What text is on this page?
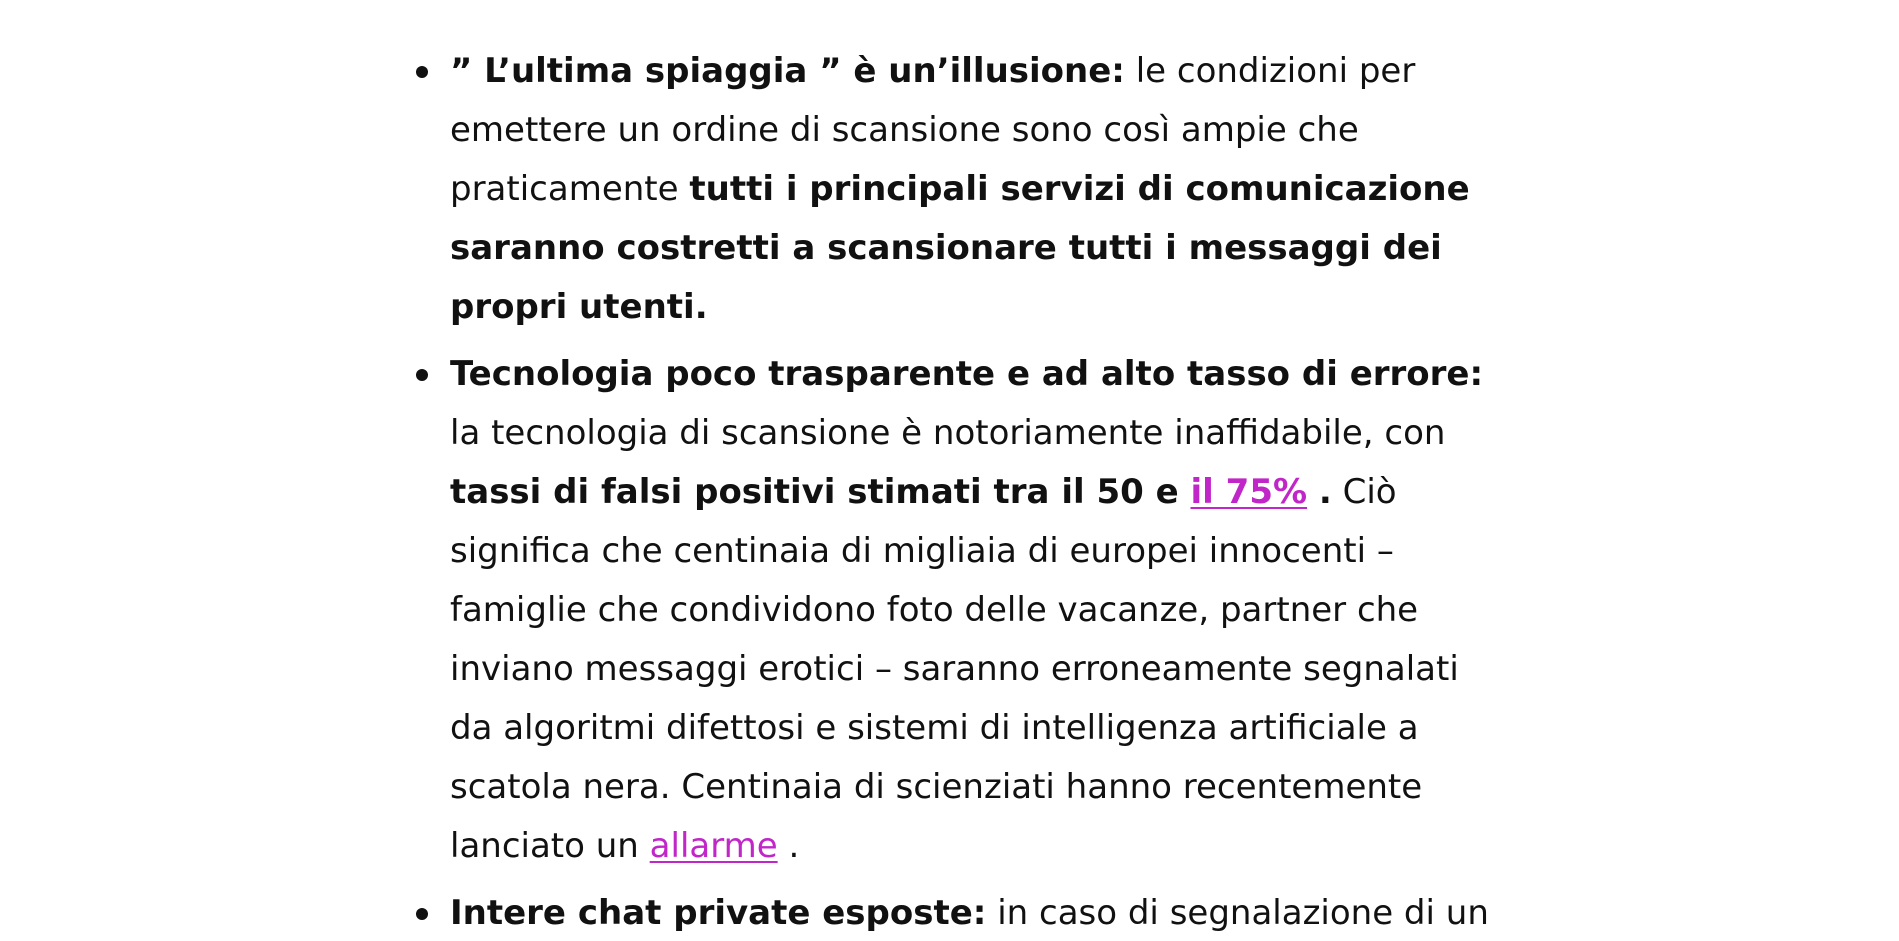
” L’ultima spiaggia ” è un’illusione: le condizioni per emettere un ordine di scansione sono così ampie che praticamente tutti i principali servizi di comunicazione saranno costretti a scansionare tutti i messaggi dei propri utenti.
Tecnologia poco trasparente e ad alto tasso di errore: la tecnologia di scansione è notoriamente inaffidabile, con tassi di falsi positivi stimati tra il 50 e il 75% . Ciò significa che centinaia di migliaia di europei innocenti – famiglie che condividono foto delle vacanze, partner che inviano messaggi erotici – saranno erroneamente segnalati da algoritmi difettosi e sistemi di intelligenza artificiale a scatola nera. Centinaia di scienziati hanno recentemente lanciato un allarme .
Intere chat private esposte: in caso di segnalazione di un
